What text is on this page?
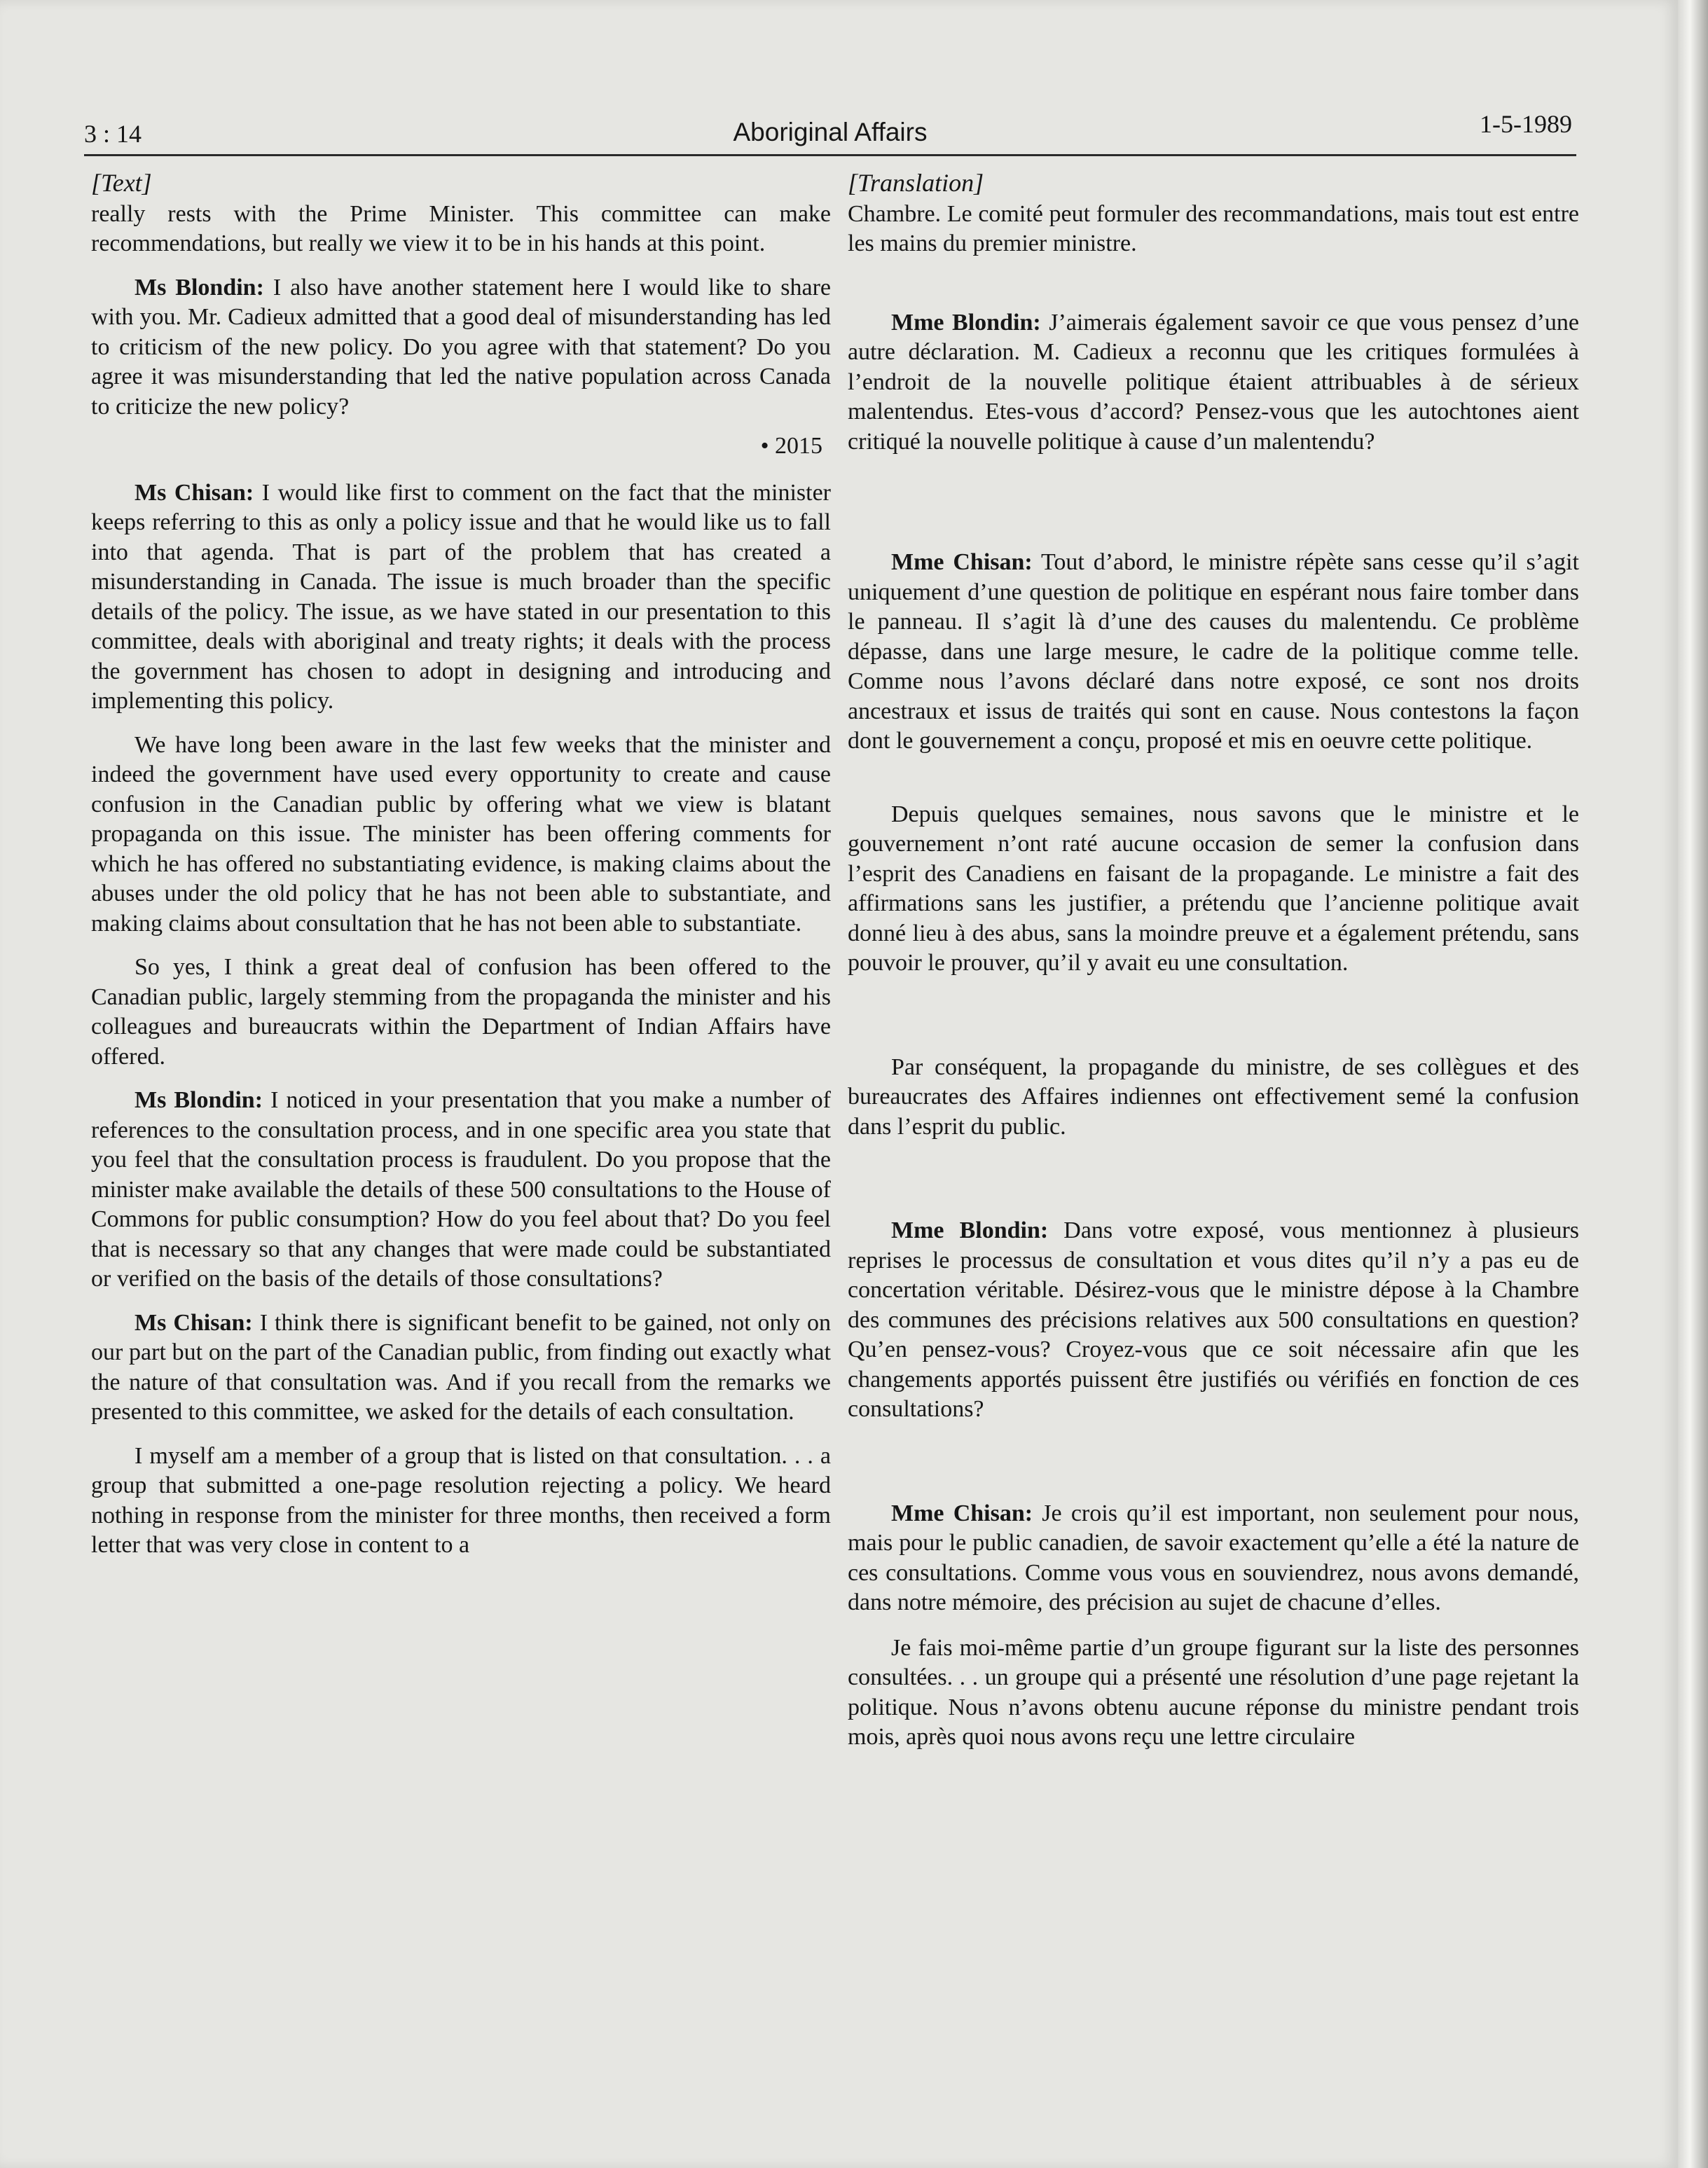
3 : 14	Aboriginal Affairs	1-5-1989
[Text]

really rests with the Prime Minister. This committee can make recommendations, but really we view it to be in his hands at this point.

Ms Blondin: I also have another statement here I would like to share with you. Mr. Cadieux admitted that a good deal of misunderstanding has led to criticism of the new policy. Do you agree with that statement? Do you agree it was misunderstanding that led the native population across Canada to criticize the new policy?

• 2015

Ms Chisan: I would like first to comment on the fact that the minister keeps referring to this as only a policy issue and that he would like us to fall into that agenda. That is part of the problem that has created a misunderstanding in Canada. The issue is much broader than the specific details of the policy. The issue, as we have stated in our presentation to this committee, deals with aboriginal and treaty rights; it deals with the process the government has chosen to adopt in designing and introducing and implementing this policy.

We have long been aware in the last few weeks that the minister and indeed the government have used every opportunity to create and cause confusion in the Canadian public by offering what we view is blatant propaganda on this issue. The minister has been offering comments for which he has offered no substantiating evidence, is making claims about the abuses under the old policy that he has not been able to substantiate, and making claims about consultation that he has not been able to substantiate.

So yes, I think a great deal of confusion has been offered to the Canadian public, largely stemming from the propaganda the minister and his colleagues and bureaucrats within the Department of Indian Affairs have offered.

Ms Blondin: I noticed in your presentation that you make a number of references to the consultation process, and in one specific area you state that you feel that the consultation process is fraudulent. Do you propose that the minister make available the details of these 500 consultations to the House of Commons for public consumption? How do you feel about that? Do you feel that is necessary so that any changes that were made could be substantiated or verified on the basis of the details of those consultations?

Ms Chisan: I think there is significant benefit to be gained, not only on our part but on the part of the Canadian public, from finding out exactly what the nature of that consultation was. And if you recall from the remarks we presented to this committee, we asked for the details of each consultation.

I myself am a member of a group that is listed on that consultation. . . a group that submitted a one-page resolution rejecting a policy. We heard nothing in response from the minister for three months, then received a form letter that was very close in content to a

[Translation]

Chambre. Le comité peut formuler des recommandations, mais tout est entre les mains du premier ministre.

Mme Blondin: J’aimerais également savoir ce que vous pensez d’une autre déclaration. M. Cadieux a reconnu que les critiques formulées à l’endroit de la nouvelle politique étaient attribuables à de sérieux malentendus. Etes-vous d’accord? Pensez-vous que les autochtones aient critiqué la nouvelle politique à cause d’un malentendu?

Mme Chisan: Tout d’abord, le ministre répète sans cesse qu’il s’agit uniquement d’une question de politique en espérant nous faire tomber dans le panneau. Il s’agit là d’une des causes du malentendu. Ce problème dépasse, dans une large mesure, le cadre de la politique comme telle. Comme nous l’avons déclaré dans notre exposé, ce sont nos droits ancestraux et issus de traités qui sont en cause. Nous contestons la façon dont le gouvernement a conçu, proposé et mis en oeuvre cette politique.

Depuis quelques semaines, nous savons que le ministre et le gouvernement n’ont raté aucune occasion de semer la confusion dans l’esprit des Canadiens en faisant de la propagande. Le ministre a fait des affirmations sans les justifier, a prétendu que l’ancienne politique avait donné lieu à des abus, sans la moindre preuve et a également prétendu, sans pouvoir le prouver, qu’il y avait eu une consultation.

Par conséquent, la propagande du ministre, de ses collègues et des bureaucrates des Affaires indiennes ont effectivement semé la confusion dans l’esprit du public.

Mme Blondin: Dans votre exposé, vous mentionnez à plusieurs reprises le processus de consultation et vous dites qu’il n’y a pas eu de concertation véritable. Désirez-vous que le ministre dépose à la Chambre des communes des précisions relatives aux 500 consultations en question? Qu’en pensez-vous? Croyez-vous que ce soit nécessaire afin que les changements apportés puissent être justifiés ou vérifiés en fonction de ces consultations?

Mme Chisan: Je crois qu’il est important, non seulement pour nous, mais pour le public canadien, de savoir exactement qu’elle a été la nature de ces consultations. Comme vous vous en souviendrez, nous avons demandé, dans notre mémoire, des précision au sujet de chacune d’elles.

Je fais moi-même partie d’un groupe figurant sur la liste des personnes consultées. . . un groupe qui a présenté une résolution d’une page rejetant la politique. Nous n’avons obtenu aucune réponse du ministre pendant trois mois, après quoi nous avons reçu une lettre circulaire
